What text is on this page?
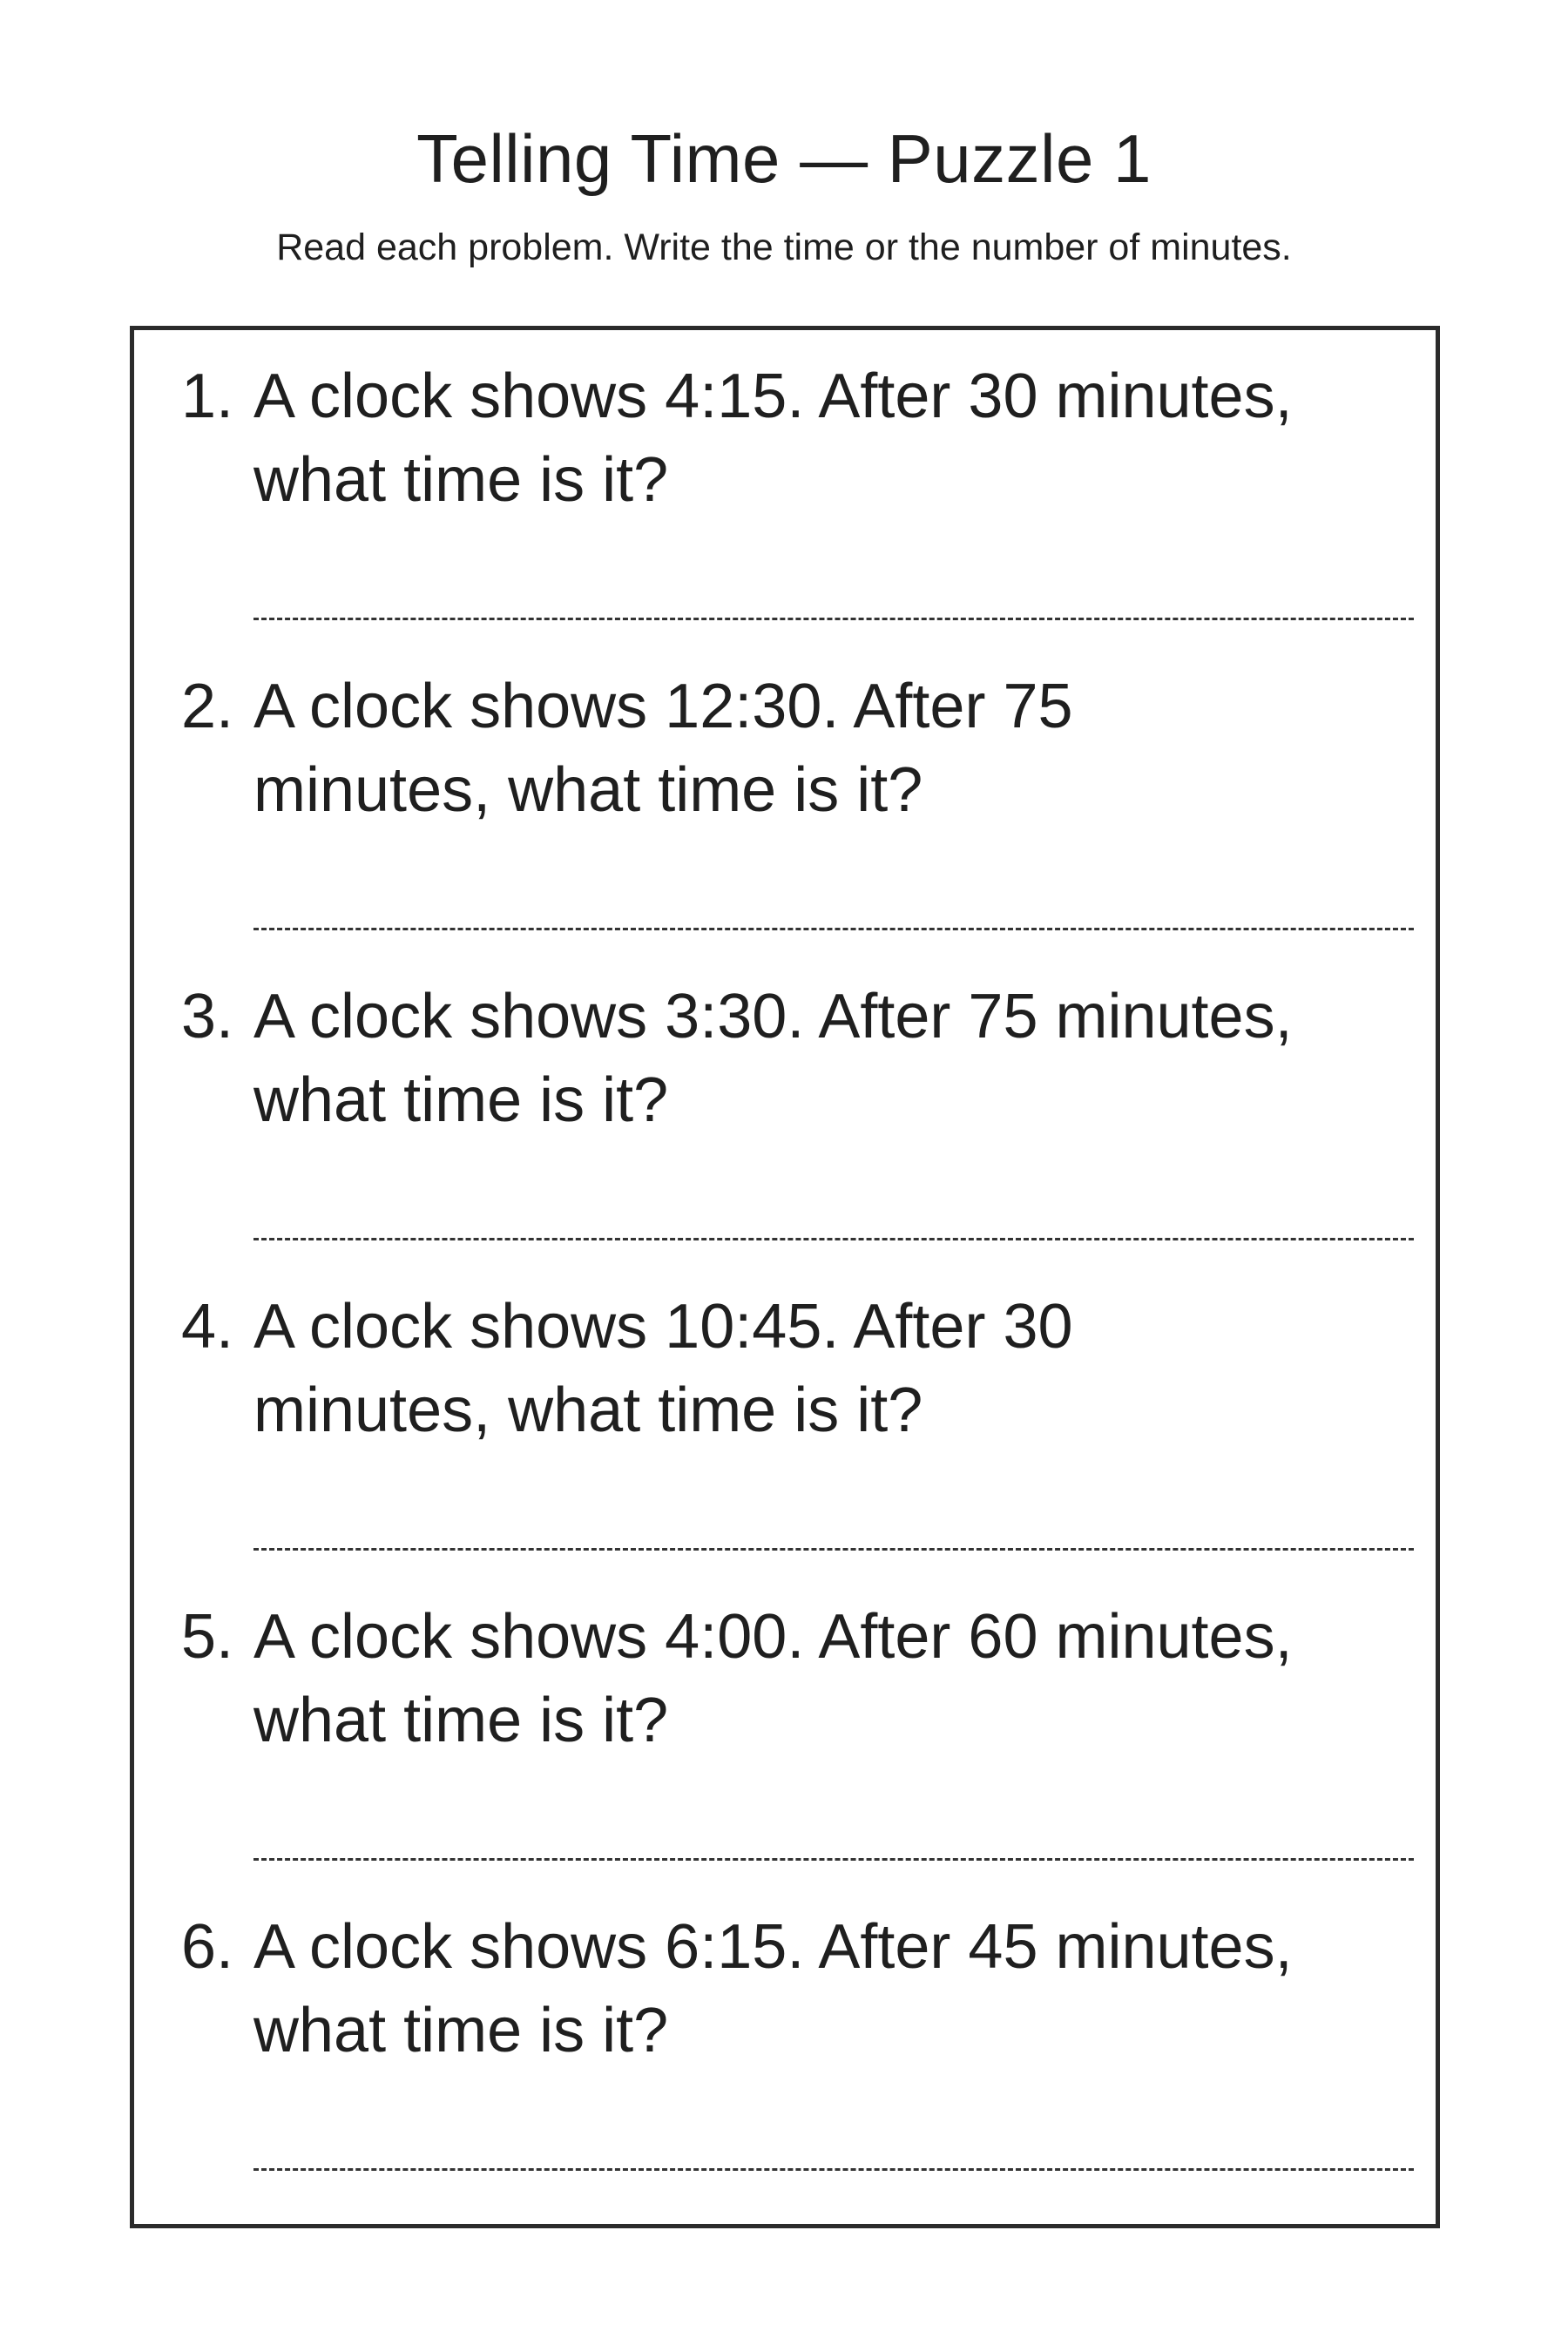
Telling Time — Puzzle 1

Read each problem. Write the time or the number of minutes.

1. A clock shows 4:15. After 30 minutes,
what time is it?
2. A clock shows 12:30. After 75
minutes, what time is it?
3. A clock shows 3:30. After 75 minutes,
what time is it?
4. A clock shows 10:45. After 30
minutes, what time is it?
5. A clock shows 4:00. After 60 minutes,
what time is it?
6. A clock shows 6:15. After 45 minutes,
what time is it?
